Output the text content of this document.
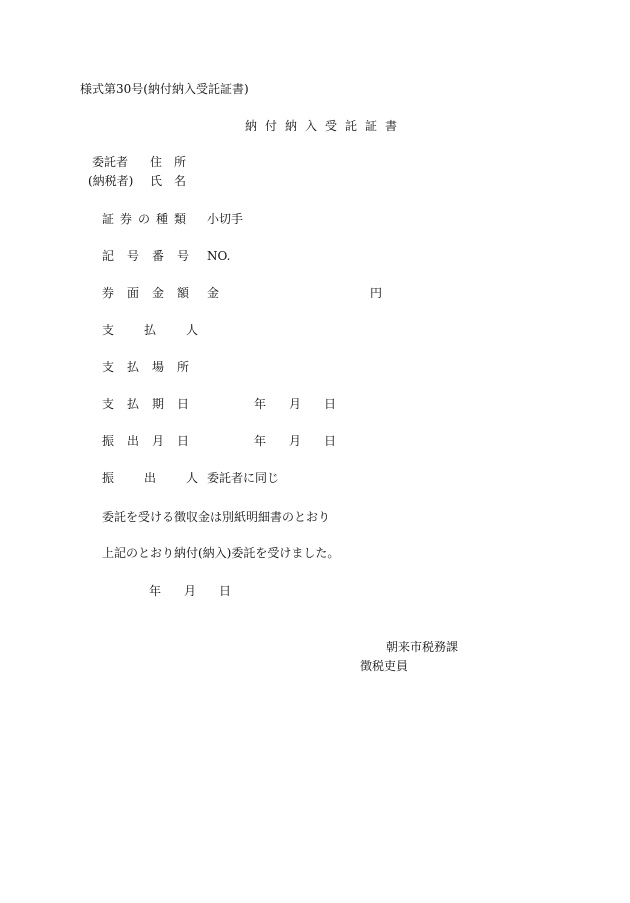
様式第30号(納付納入受託証書)
納付納入受託証書
委託者 住　所
(納税者) 氏　名
証券の種類 小切手
記号番号 NO.
券面金額 金	円
支　払　人
支払場所
支払期日	年 月 日
振出月日	年 月 日
振　出　人 委託者に同じ
委託を受ける徴収金は別紙明細書のとおり
上記のとおり納付(納入)委託を受けました。
年 月 日
朝来市税務課
徴税吏員
